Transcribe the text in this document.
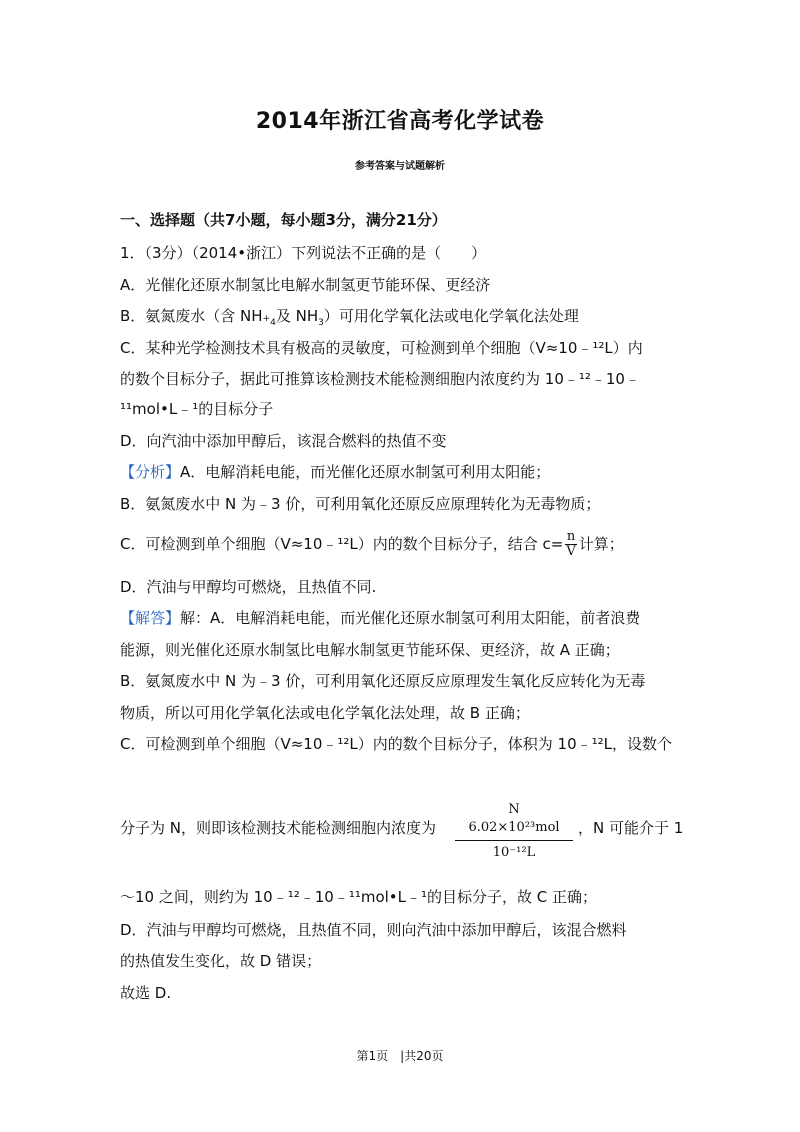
2014年浙江省高考化学试卷
参考答案与试题解析
一、选择题（共7小题，每小题3分，满分21分）
1．（3分）（2014•浙江）下列说法不正确的是（　　）
A．光催化还原水制氢比电解水制氢更节能环保、更经济
B．氨氮废水（含 $NH_{^+4}$及 $NH_3$）可用化学氧化法或电化学氧化法处理
C．某种光学检测技术具有极高的灵敏度，可检测到单个细胞（V≈10﹣¹²L）内
的数个目标分子，据此可推算该检测技术能检测细胞内浓度约为 10﹣¹²﹣10﹣
¹¹mol•L﹣¹的目标分子
D．向汽油中添加甲醇后，该混合燃料的热值不变
【分析】A．电解消耗电能，而光催化还原水制氢可利用太阳能；
B．氨氮废水中 N 为﹣3 价，可利用氧化还原反应原理转化为无毒物质；
C．可检测到单个细胞（V≈10﹣¹²L）内的数个目标分子，结合 $c= \frac{n}{V}$ 计算；
D．汽油与甲醇均可燃烧，且热值不同.
【解答】解：A．电解消耗电能，而光催化还原水制氢可利用太阳能，前者浪费
能源，则光催化还原水制氢比电解水制氢更节能环保、更经济，故 A 正确；
B．氨氮废水中 N 为﹣3 价，可利用氧化还原反应原理发生氧化反应转化为无毒
物质，所以可用化学氧化法或电化学氧化法处理，故 B 正确；
C．可检测到单个细胞（V≈10﹣¹²L）内的数个目标分子，体积为 10﹣¹²L，设数个
分子为 N，则即该检测技术能检测细胞内浓度为
N
6.02×10²³mol
10⁻¹²L
，N 可能介于 1
～10 之间，则约为 10﹣¹²﹣10﹣¹¹mol•L﹣¹的目标分子，故 C 正确；
D．汽油与甲醇均可燃烧，且热值不同，则向汽油中添加甲醇后，该混合燃料
的热值发生变化，故 D 错误；
故选 D.
第1页　|共20页
